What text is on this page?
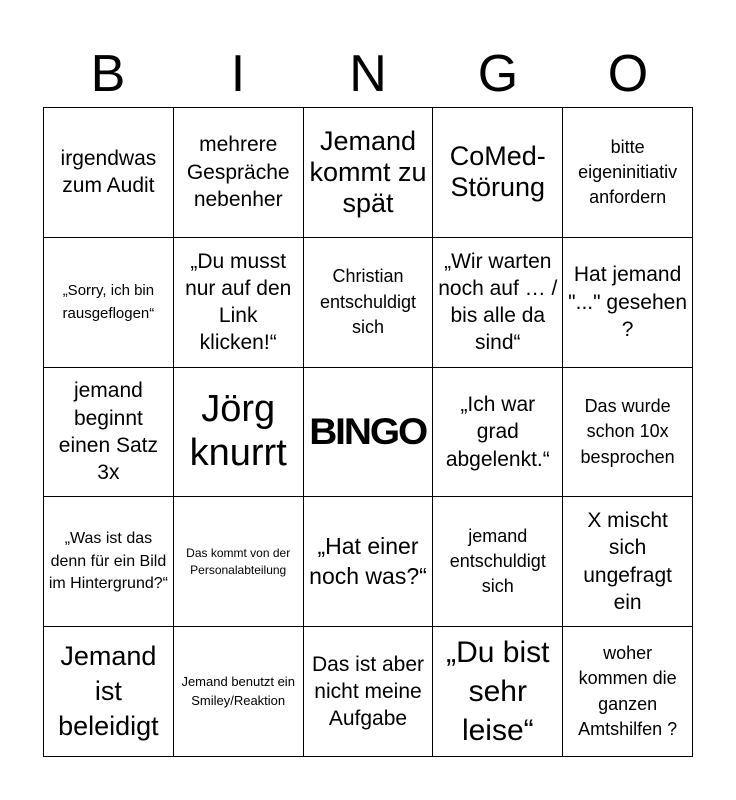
B	I	N	G	O
irgendwas zum Audit
mehrere Gespräche nebenher
Jemand kommt zu spät
CoMed-Störung
bitte eigeninitiativ anfordern
„Sorry, ich bin rausgeflogen“
„Du musst nur auf den Link klicken!“
Christian entschuldigt sich
„Wir warten noch auf … / bis alle da sind“
Hat jemand "..." gesehen ?
jemand beginnt einen Satz 3x
Jörg knurrt BINGO
„Ich war grad abgelenkt.“
Das wurde schon 10x besprochen
„Was ist das denn für ein Bild im Hintergrund?“
Das kommt von der Personalabteilung
„Hat einer noch was?“
jemand entschuldigt sich
X mischt sich ungefragt ein
Jemand ist beleidigt
Jemand benutzt ein Smiley/Reaktion
Das ist aber nicht meine Aufgabe
„Du bist sehr leise“
woher kommen die ganzen Amtshilfen ?
